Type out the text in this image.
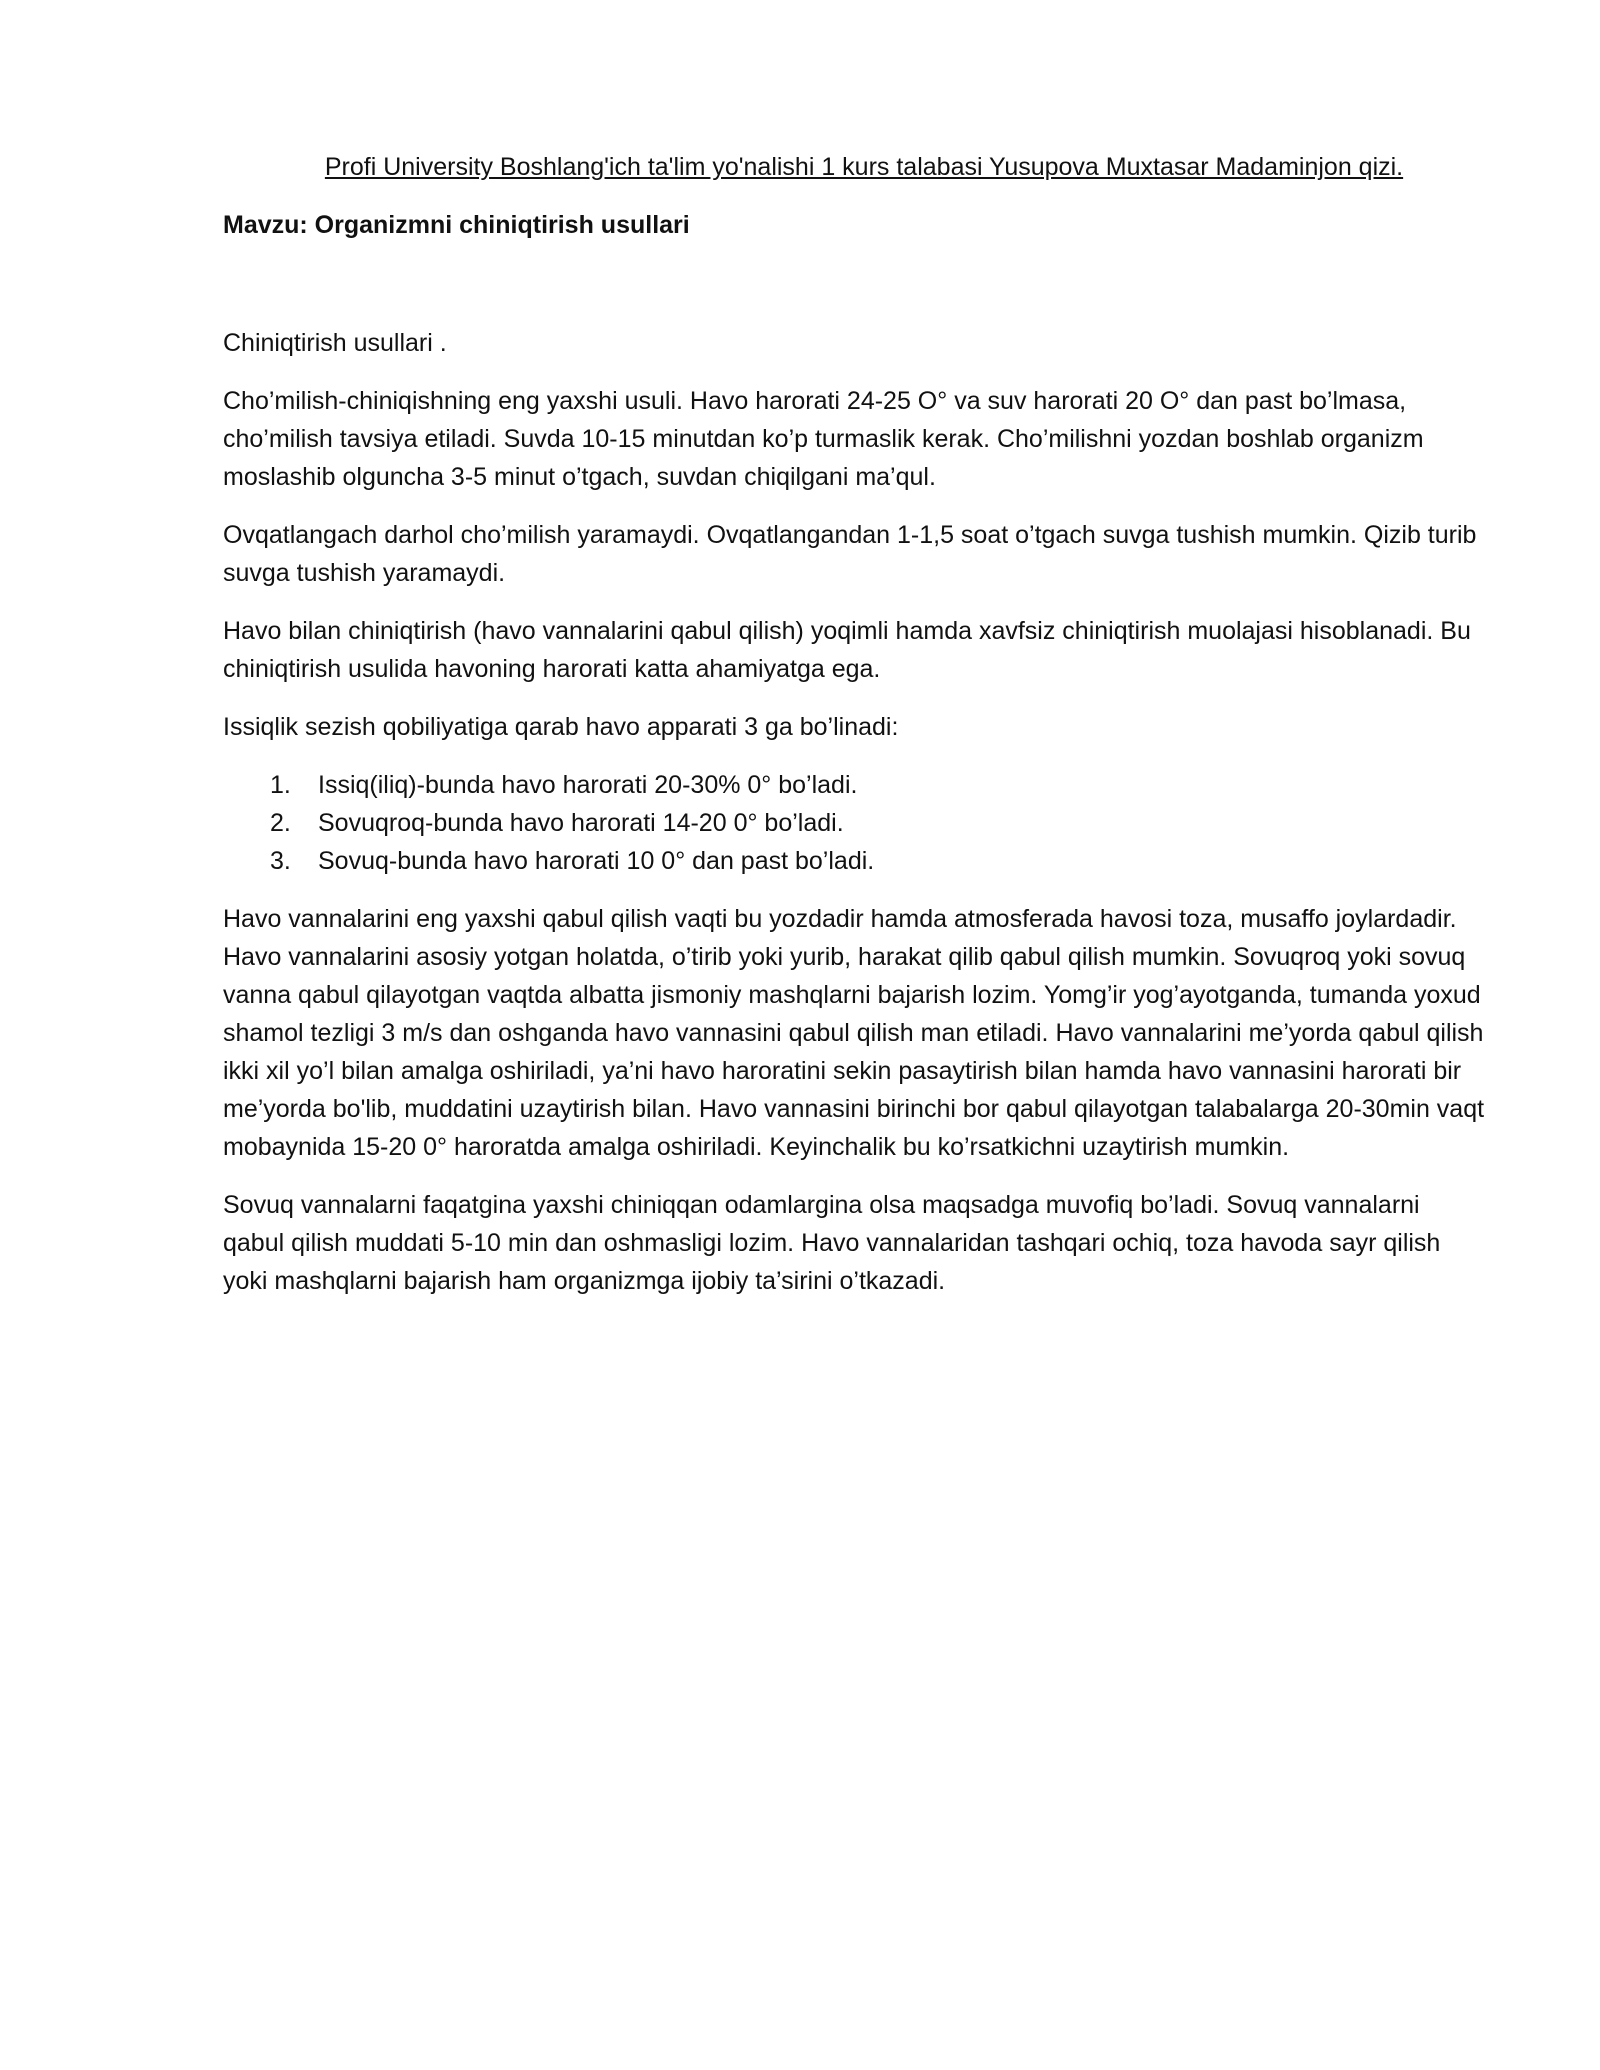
Profi University Boshlang'ich ta'lim yo'nalishi 1 kurs talabasi Yusupova Muxtasar Madaminjon qizi.

Mavzu: Organizmni chiniqtirish usullari

Chiniqtirish usullari .

Cho’milish-chiniqishning eng yaxshi usuli. Havo harorati 24-25 O° va suv harorati 20 O° dan past bo’lmasa, cho’milish tavsiya etiladi. Suvda 10-15 minutdan ko’p turmaslik kerak. Cho’milishni yozdan boshlab organizm moslashib olguncha 3-5 minut o’tgach, suvdan chiqilgani ma’qul.

Ovqatlangach darhol cho’milish yaramaydi. Ovqatlangandan 1-1,5 soat o’tgach suvga tushish mumkin. Qizib turib suvga tushish yaramaydi.

Havo bilan chiniqtirish (havo vannalarini qabul qilish) yoqimli hamda xavfsiz chiniqtirish muolajasi hisoblanadi. Bu chiniqtirish usulida havoning harorati katta ahamiyatga ega.

Issiqlik sezish qobiliyatiga qarab havo apparati 3 ga bo’linadi:

1.	Issiq(iliq)-bunda havo harorati 20-30% 0° bo’ladi.
2.	Sovuqroq-bunda havo harorati 14-20 0° bo’ladi.
3.	Sovuq-bunda havo harorati 10 0° dan past bo’ladi.

Havo vannalarini eng yaxshi qabul qilish vaqti bu yozdadir hamda atmosferada havosi toza, musaffo joylardadir. Havo vannalarini asosiy yotgan holatda, o’tirib yoki yurib, harakat qilib qabul qilish mumkin. Sovuqroq yoki sovuq vanna qabul qilayotgan vaqtda albatta jismoniy mashqlarni bajarish lozim. Yomg’ir yog’ayotganda, tumanda yoxud shamol tezligi 3 m/s dan oshganda havo vannasini qabul qilish man etiladi. Havo vannalarini me’yorda qabul qilish ikki xil yo’l bilan amalga oshiriladi, ya’ni havo haroratini sekin pasaytirish bilan hamda havo vannasini harorati bir me’yorda bo'lib, muddatini uzaytirish bilan. Havo vannasini birinchi bor qabul qilayotgan talabalarga 20-30min vaqt mobaynida 15-20 0° haroratda amalga oshiriladi. Keyinchalik bu ko’rsatkichni uzaytirish mumkin.

Sovuq vannalarni faqatgina yaxshi chiniqqan odamlargina olsa maqsadga muvofiq bo’ladi. Sovuq vannalarni qabul qilish muddati 5-10 min dan oshmasligi lozim. Havo vannalaridan tashqari ochiq, toza havoda sayr qilish yoki mashqlarni bajarish ham organizmga ijobiy ta’sirini o’tkazadi.
